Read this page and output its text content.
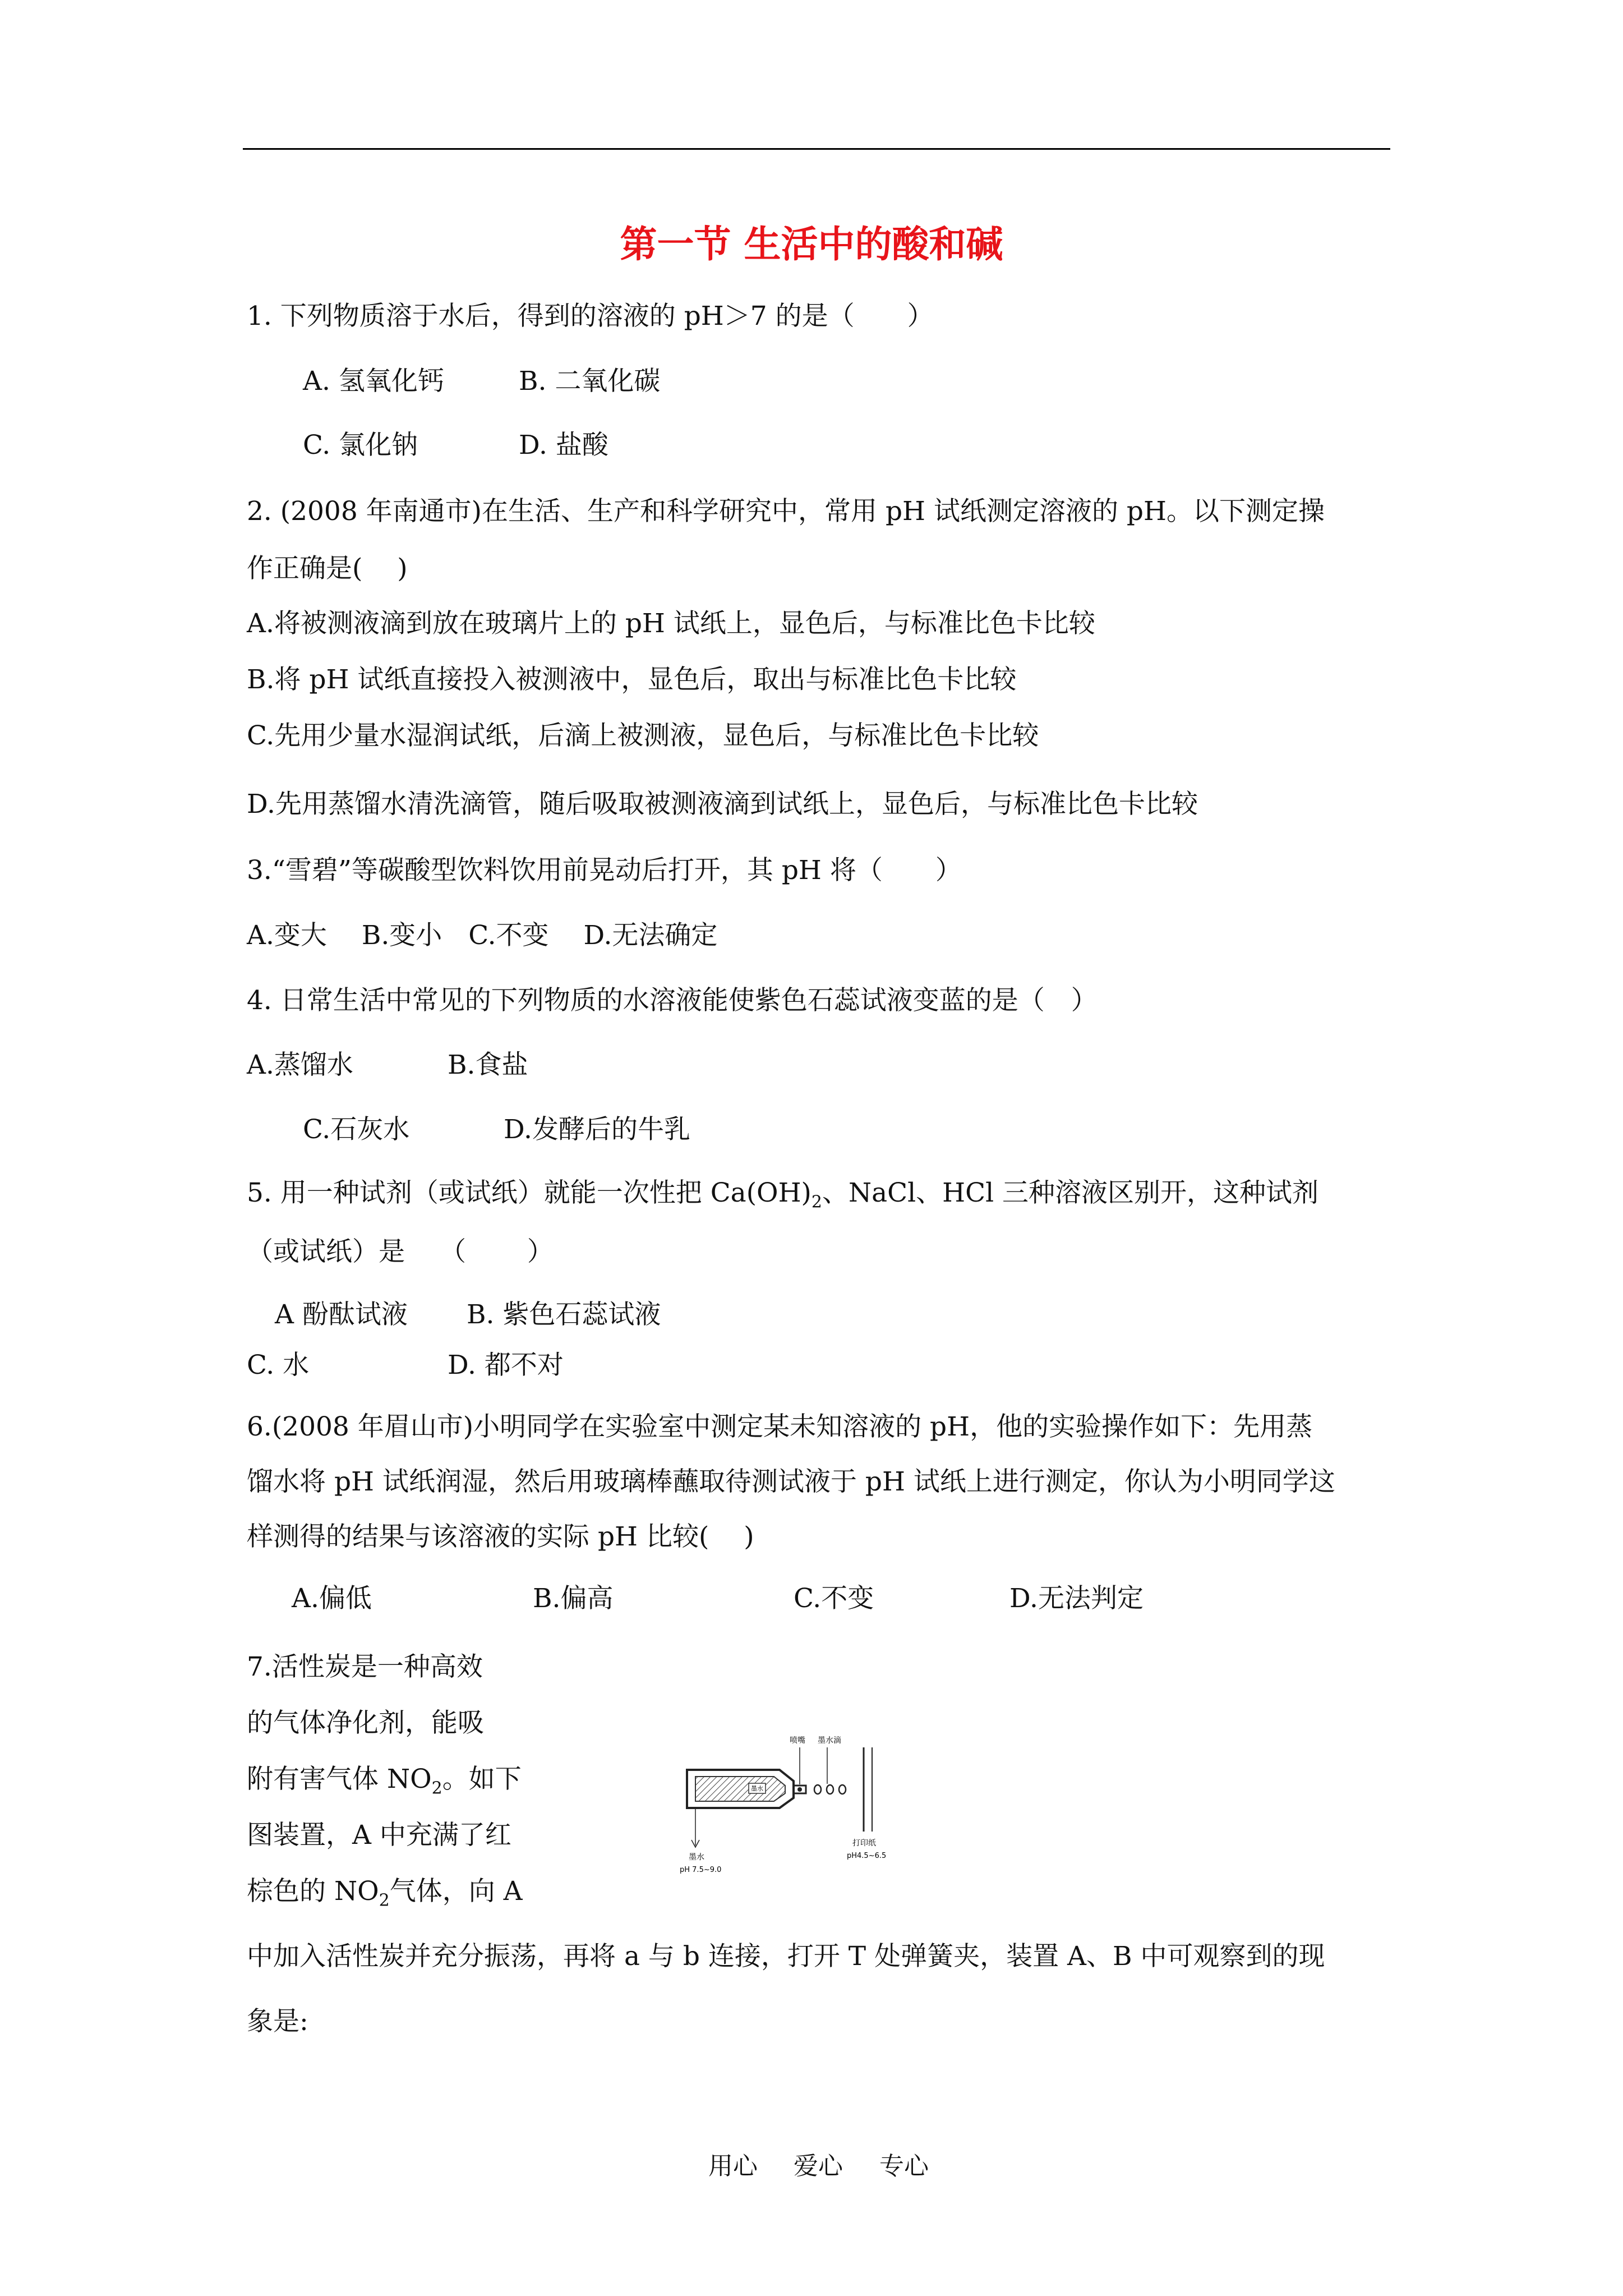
第一节 生活中的酸和碱
1. 下列物质溶于水后，得到的溶液的 pH＞7 的是（　　）
A. 氢氧化钙	B. 二氧化碳
C. 氯化钠	D. 盐酸
2. (2008 年南通市)在生活、生产和科学研究中，常用 pH 试纸测定溶液的 pH。以下测定操
作正确是(　 )
A.将被测液滴到放在玻璃片上的 pH 试纸上，显色后，与标准比色卡比较
B.将 pH 试纸直接投入被测液中，显色后，取出与标准比色卡比较
C.先用少量水湿润试纸，后滴上被测液，显色后，与标准比色卡比较
D.先用蒸馏水清洗滴管，随后吸取被测液滴到试纸上，显色后，与标准比色卡比较
3.“雪碧”等碳酸型饮料饮用前晃动后打开，其 pH 将（　　）
A.变大　 B.变小　C.不变　 D.无法确定
4. 日常生活中常见的下列物质的水溶液能使紫色石蕊试液变蓝的是（　）
A.蒸馏水	B.食盐
C.石灰水	D.发酵后的牛乳
5. 用一种试剂（或试纸）就能一次性把 $Ca(OH)_2$、NaCl、HCl 三种溶液区别开，这种试剂
（或试纸）是　 （　　 ）
A 酚酞试液 B. 紫色石蕊试液
C. 水	D. 都不对
6.(2008 年眉山市)小明同学在实验室中测定某未知溶液的 pH，他的实验操作如下：先用蒸
馏水将 pH 试纸润湿，然后用玻璃棒蘸取待测试液于 pH 试纸上进行测定，你认为小明同学这
样测得的结果与该溶液的实际 pH 比较(　 )
A.偏低	B.偏高	C.不变	D.无法判定
7.活性炭是一种高效
的气体净化剂，能吸
附有害气体 $NO_2$。如下
图装置，A 中充满了红
棕色的 $NO_2$气体，向 A
中加入活性炭并充分振荡，再将 a 与 b 连接，打开 T 处弹簧夹，装置 A、B 中可观察到的现
象是:
墨水
喷嘴 墨水滴
墨水
pH 7.5~9.0
打印纸
pH4.5~6.5
用心 爱心 专心
